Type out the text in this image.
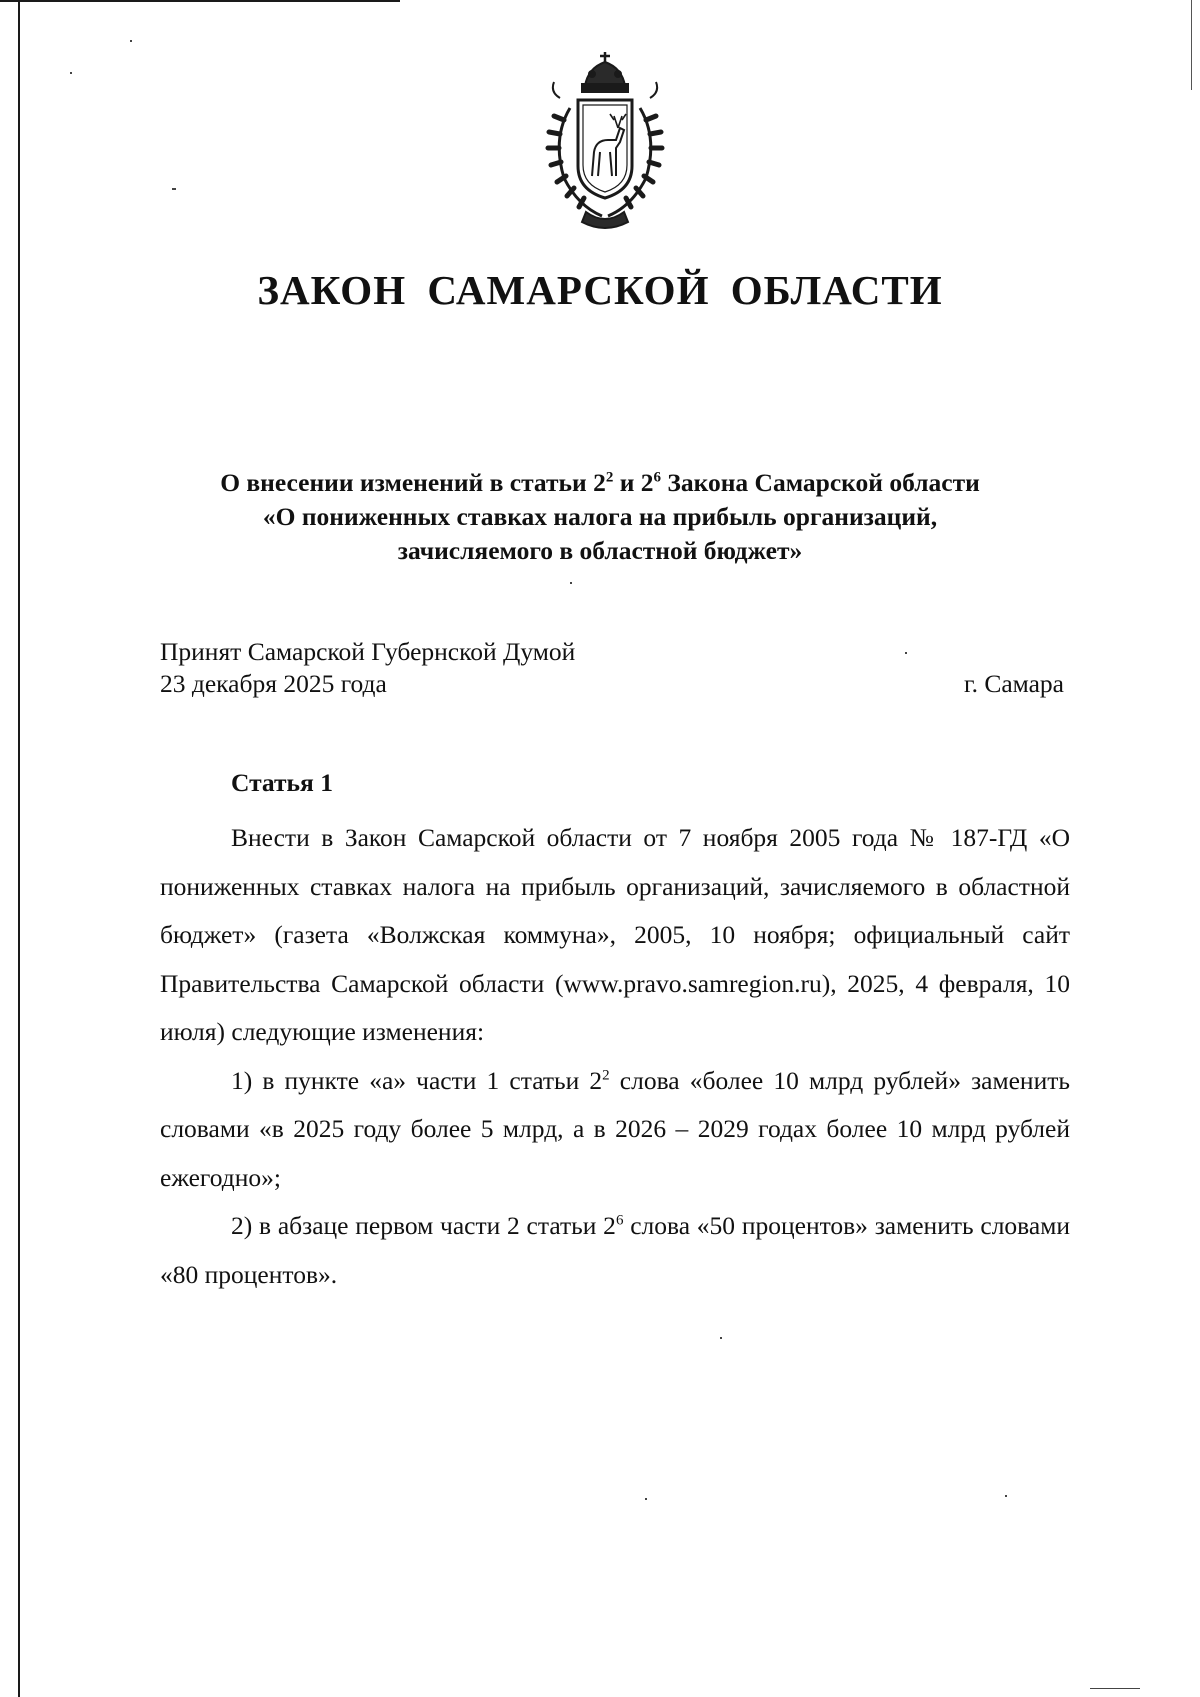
ЗАКОН САМАРСКОЙ ОБЛАСТИ
О внесении изменений в статьи $2^2$ и $2^6$ Закона Самарской области
«О пониженных ставках налога на прибыль организаций,
зачисляемого в областной бюджет»
Принят Самарской Губернской Думой
23 декабря 2025 года	г. Самара
Статья 1

Внести в Закон Самарской области от 7 ноября 2005 года № 187-ГД «О пониженных ставках налога на прибыль организаций, зачисляемого в областной бюджет» (газета «Волжская коммуна», 2005, 10 ноября; официальный сайт Правительства Самарской области (www.pravo.samregion.ru), 2025, 4 февраля, 10 июля) следующие изменения:

1) в пункте «а» части 1 статьи $2^2$ слова «более 10 млрд рублей» заменить словами «в 2025 году более 5 млрд, а в 2026 – 2029 годах более 10 млрд рублей ежегодно»;

2) в абзаце первом части 2 статьи $2^6$ слова «50 процентов» заменить словами «80 процентов».
